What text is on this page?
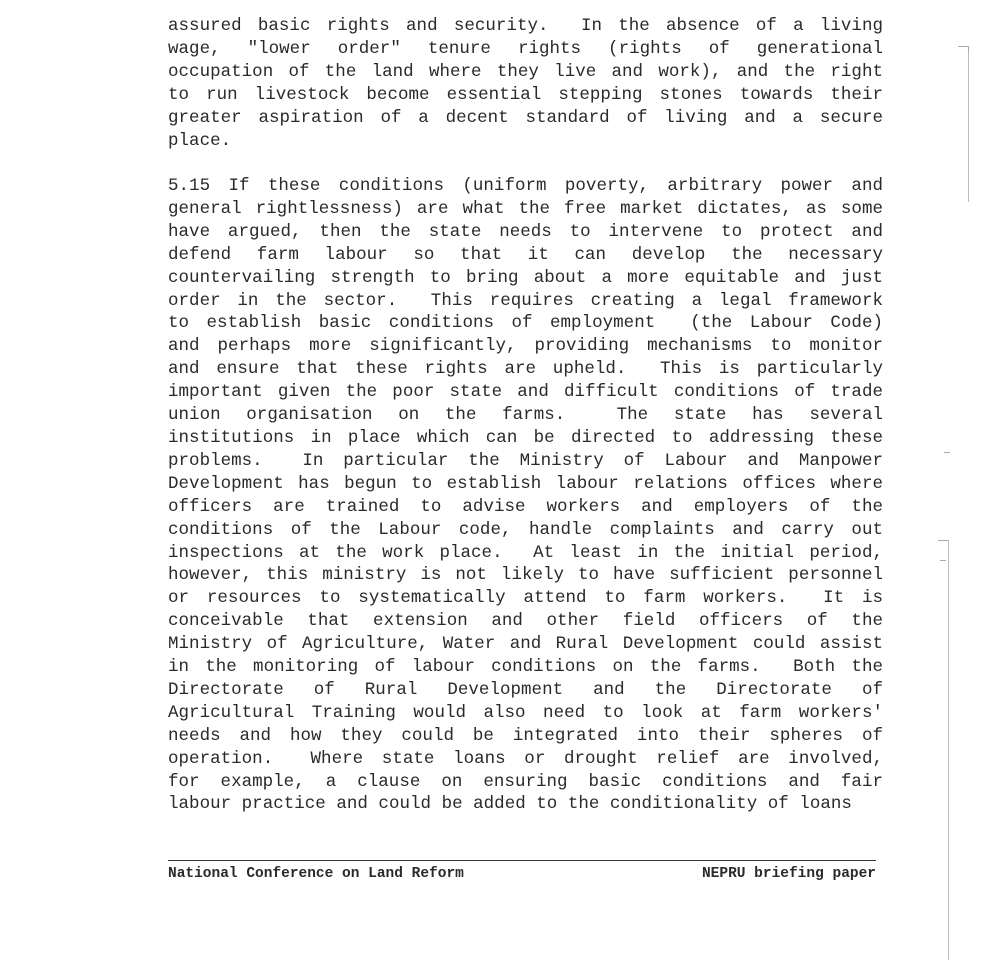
assured basic rights and security.  In the absence of a living
wage, "lower order" tenure rights (rights of generational
occupation of the land where they live and work), and the right
to run livestock become essential stepping stones towards their
greater aspiration of a decent standard of living and a secure
place.
5.15 If these conditions (uniform poverty, arbitrary power and
general rightlessness) are what the free market dictates, as some
have argued, then the state needs to intervene to protect and
defend farm labour so that it can develop the necessary
countervailing strength to bring about a more equitable and just
order in the sector.  This requires creating a legal framework
to establish basic conditions of employment  (the Labour Code)
and perhaps more significantly, providing mechanisms to monitor
and ensure that these rights are upheld.  This is particularly
important given the poor state and difficult conditions of trade
union organisation on the farms.  The state has several
institutions in place which can be directed to addressing these
problems.  In particular the Ministry of Labour and Manpower
Development has begun to establish labour relations offices where
officers are trained to advise workers and employers of the
conditions of the Labour code, handle complaints and carry out
inspections at the work place.  At least in the initial period,
however, this ministry is not likely to have sufficient personnel
or resources to systematically attend to farm workers.  It is
conceivable that extension and other field officers of the
Ministry of Agriculture, Water and Rural Development could assist
in the monitoring of labour conditions on the farms.  Both the
Directorate of Rural Development and the Directorate of
Agricultural Training would also need to look at farm workers'
needs and how they could be integrated into their spheres of
operation.  Where state loans or drought relief are involved,
for example, a clause on ensuring basic conditions and fair
labour practice and could be added to the conditionality of loans
National Conference on Land Reform	NEPRU briefing paper
